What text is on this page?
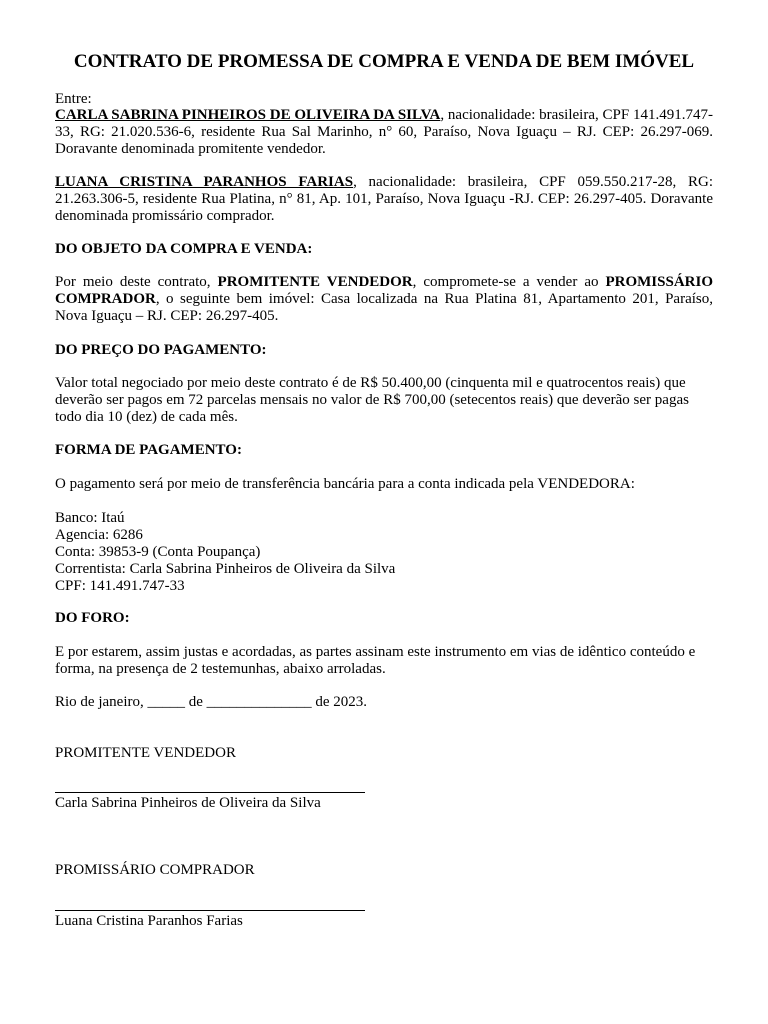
CONTRATO DE PROMESSA DE COMPRA E VENDA DE BEM IMÓVEL

Entre:

CARLA SABRINA PINHEIROS DE OLIVEIRA DA SILVA, nacionalidade: brasileira, CPF 141.491.747-33, RG: 21.020.536-6, residente Rua Sal Marinho, n° 60, Paraíso, Nova Iguaçu – RJ. CEP: 26.297-069. Doravante denominada promitente vendedor.

LUANA CRISTINA PARANHOS FARIAS, nacionalidade: brasileira, CPF 059.550.217-28, RG: 21.263.306-5, residente Rua Platina, n° 81, Ap. 101, Paraíso, Nova Iguaçu -RJ. CEP: 26.297-405. Doravante denominada promissário comprador.

DO OBJETO DA COMPRA E VENDA:

Por meio deste contrato, PROMITENTE VENDEDOR, compromete-se a vender ao PROMISSÁRIO COMPRADOR, o seguinte bem imóvel: Casa localizada na Rua Platina 81, Apartamento 201, Paraíso, Nova Iguaçu – RJ. CEP: 26.297-405.

DO PREÇO DO PAGAMENTO:

Valor total negociado por meio deste contrato é de R$ 50.400,00 (cinquenta mil e quatrocentos reais) que deverão ser pagos em 72 parcelas mensais no valor de R$ 700,00 (setecentos reais) que deverão ser pagas todo dia 10 (dez) de cada mês.

FORMA DE PAGAMENTO:

O pagamento será por meio de transferência bancária para a conta indicada pela VENDEDORA:

Banco: Itaú
Agencia: 6286
Conta: 39853-9 (Conta Poupança)
Correntista: Carla Sabrina Pinheiros de Oliveira da Silva
CPF: 141.491.747-33

DO FORO:

E por estarem, assim justas e acordadas, as partes assinam este instrumento em vias de idêntico conteúdo e forma, na presença de 2 testemunhas, abaixo arroladas.

Rio de janeiro, _____ de ______________ de 2023.

PROMITENTE VENDEDOR

Carla Sabrina Pinheiros de Oliveira da Silva

PROMISSÁRIO COMPRADOR

Luana Cristina Paranhos Farias
